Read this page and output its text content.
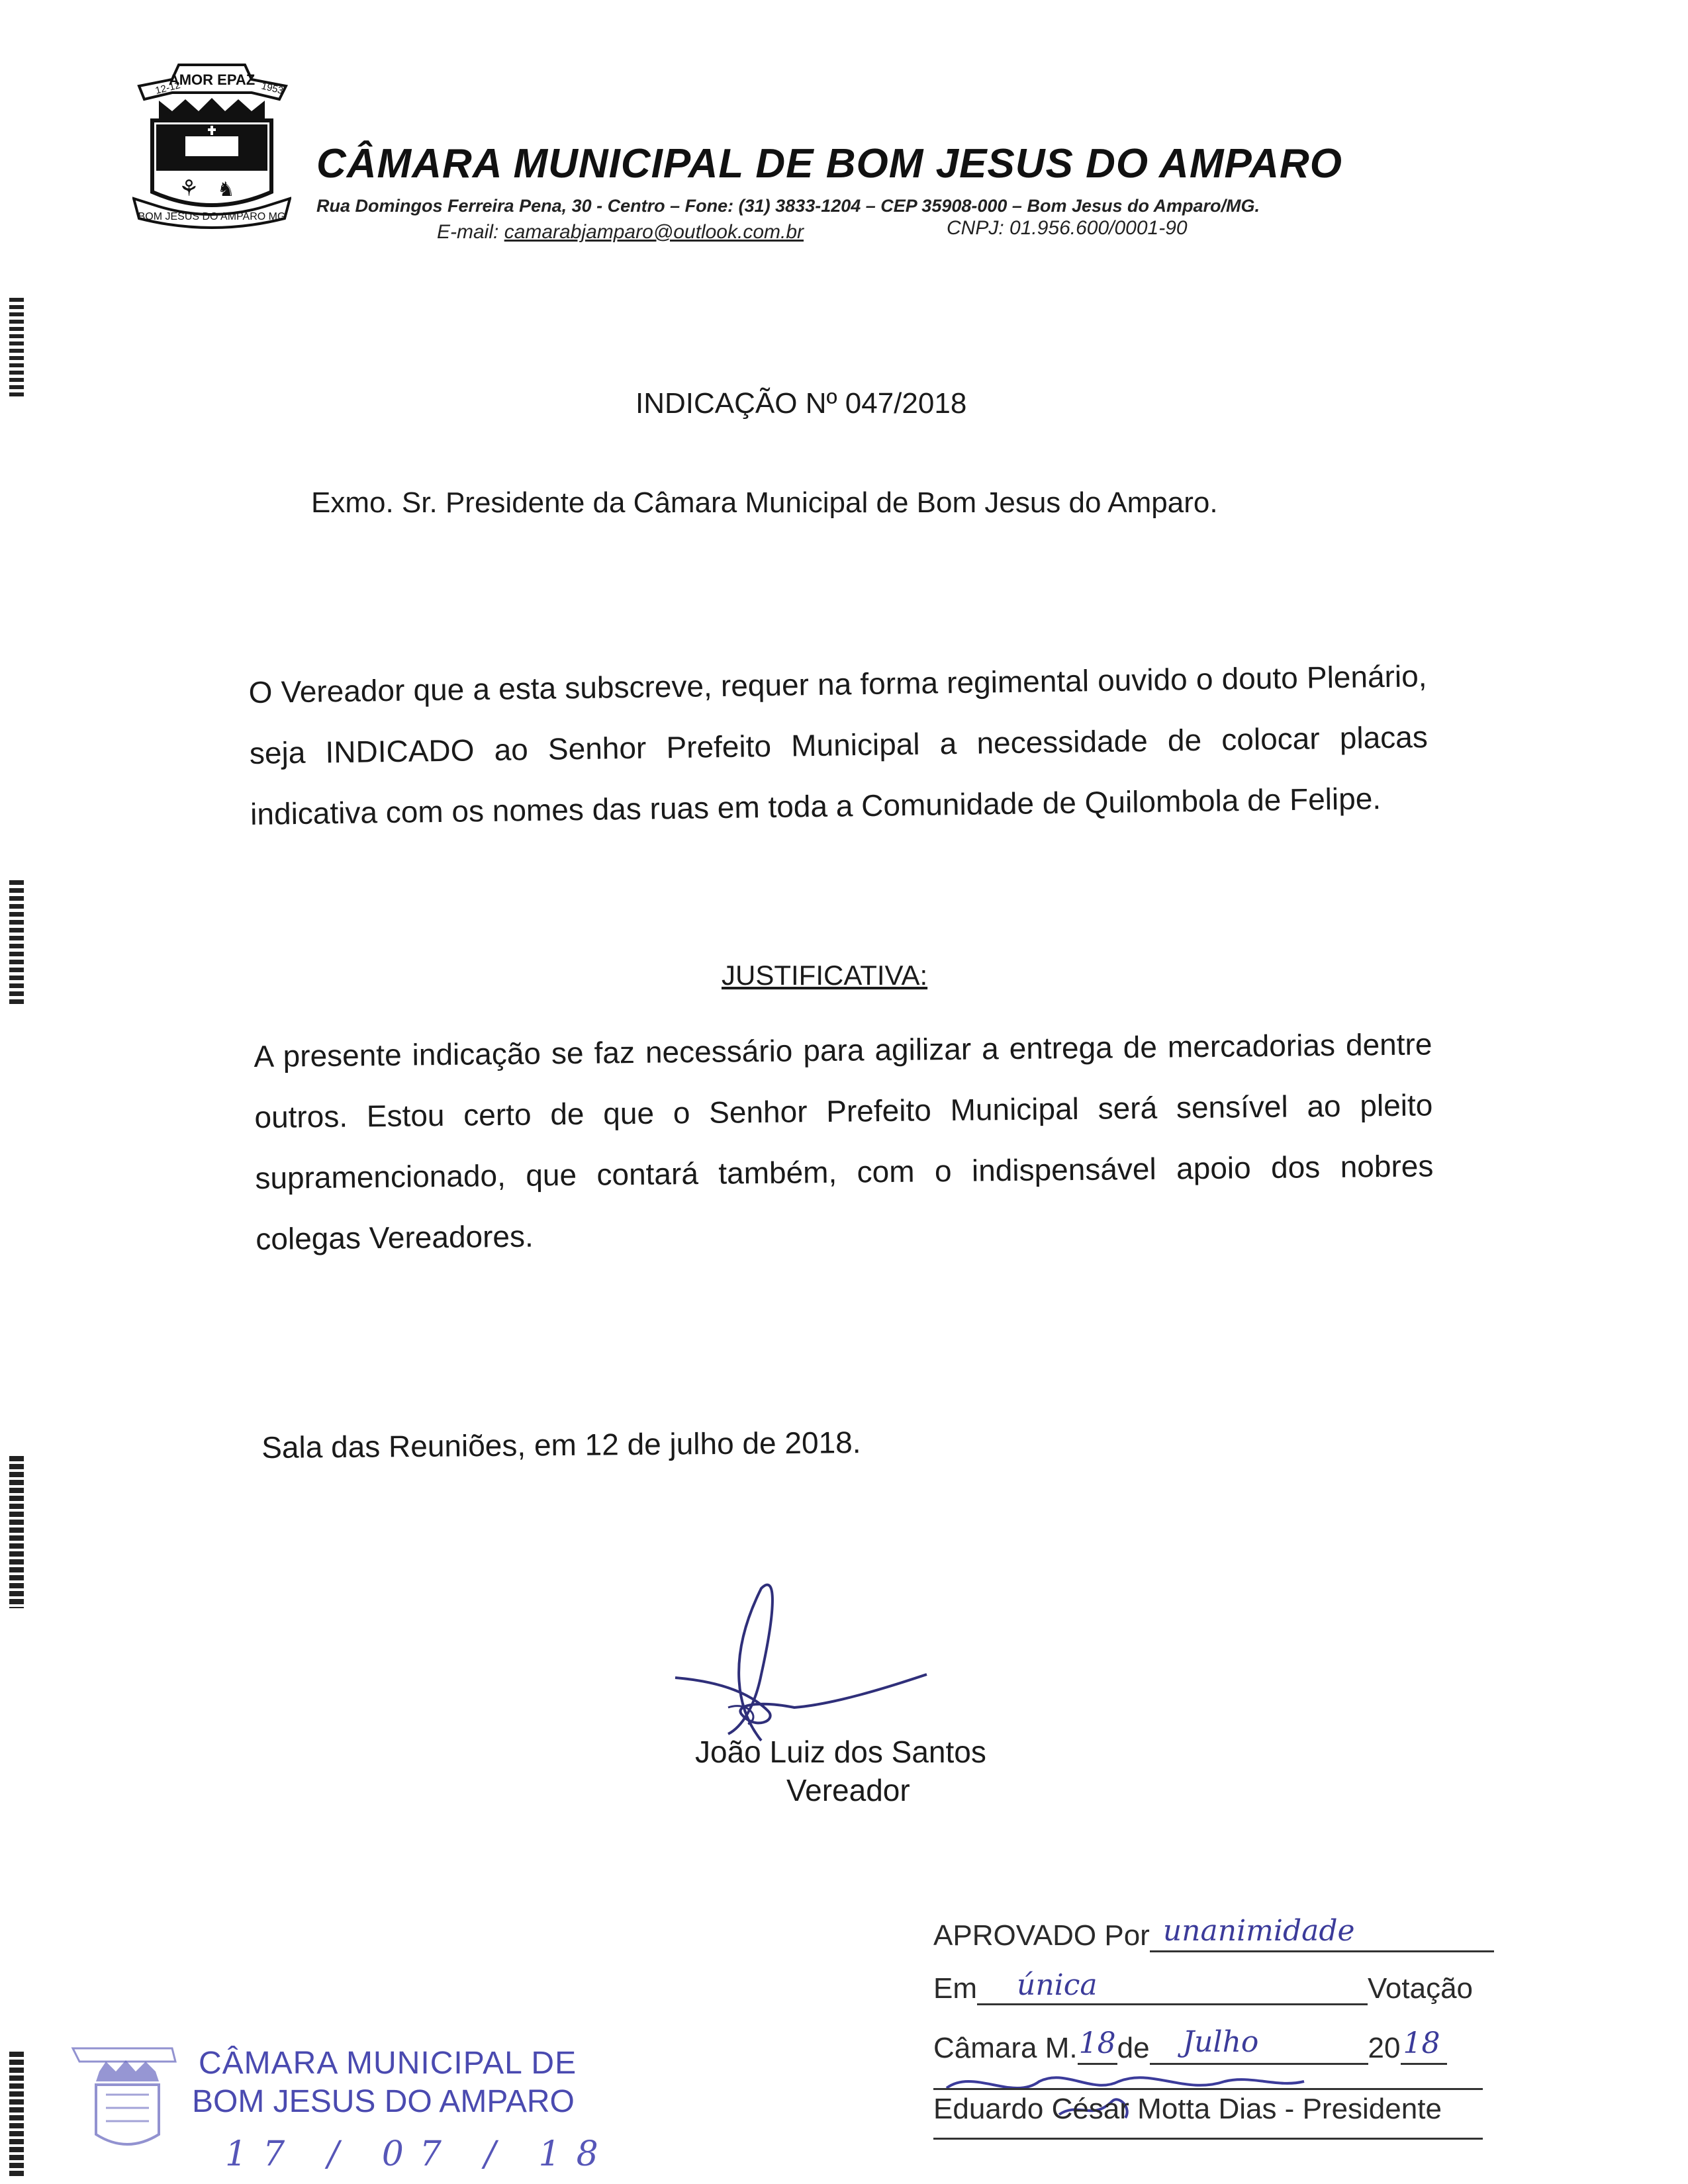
AMOR EPAZ
12-12	1953
⚘ ♞
BOM JESUS DO AMPARO MG
CÂMARA MUNICIPAL DE BOM JESUS DO AMPARO
Rua Domingos Ferreira Pena, 30 - Centro – Fone: (31) 3833-1204 – CEP 35908-000 – Bom Jesus do Amparo/MG.
E-mail: camarabjamparo@outlook.com.br	CNPJ: 01.956.600/0001-90
INDICAÇÃO Nº 047/2018
Exmo. Sr. Presidente da Câmara Municipal de Bom Jesus do Amparo.
O Vereador que a esta subscreve, requer na forma regimental ouvido o douto Plenário, seja INDICADO ao Senhor Prefeito Municipal a necessidade de colocar placas indicativa com os nomes das ruas em toda a Comunidade de Quilombola de Felipe.
JUSTIFICATIVA:
A presente indicação se faz necessário para agilizar a entrega de mercadorias dentre outros. Estou certo de que o Senhor Prefeito Municipal será sensível ao pleito supramencionado, que contará também, com o indispensável apoio dos nobres colegas Vereadores.
Sala das Reuniões, em 12 de julho de 2018.
João Luiz dos Santos
Vereador
APROVADO Por unanimidade
Em única	Votação
Câmara M. 18 de Julho	20 18
Eduardo César Motta Dias - Presidente
CÂMARA MUNICIPAL DE
BOM JESUS DO AMPARO
17 / 07 / 18
